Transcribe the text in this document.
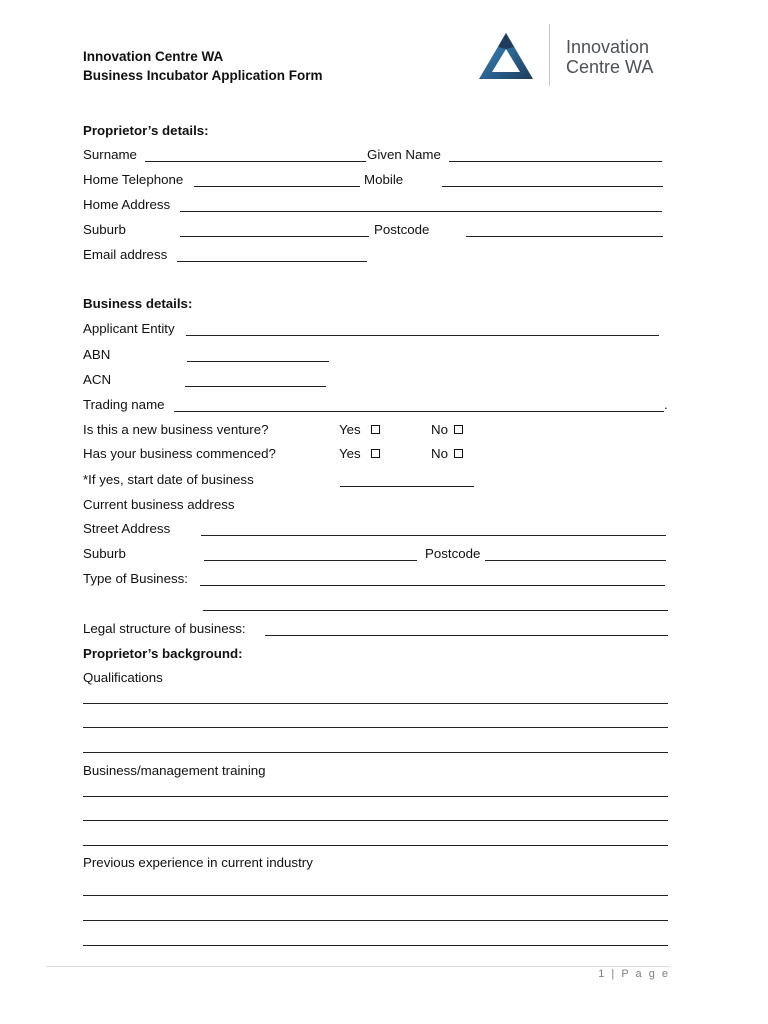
Innovation Centre WA
Business Incubator Application Form
Innovation
Centre WA
Proprietor’s details:
Surname	Given Name
Home Telephone	Mobile
Home Address
Suburb	Postcode
Email address
Business details:
Applicant Entity
ABN
ACN
Trading name	.
Is this a new business venture?	Yes	No
Has your business commenced?	Yes	No
*If yes, start date of business
Current business address
Street Address
Suburb	Postcode
Type of Business:
Legal structure of business:
Proprietor’s background:
Qualifications
Business/management training
Previous experience in current industry
1 | P a g e
